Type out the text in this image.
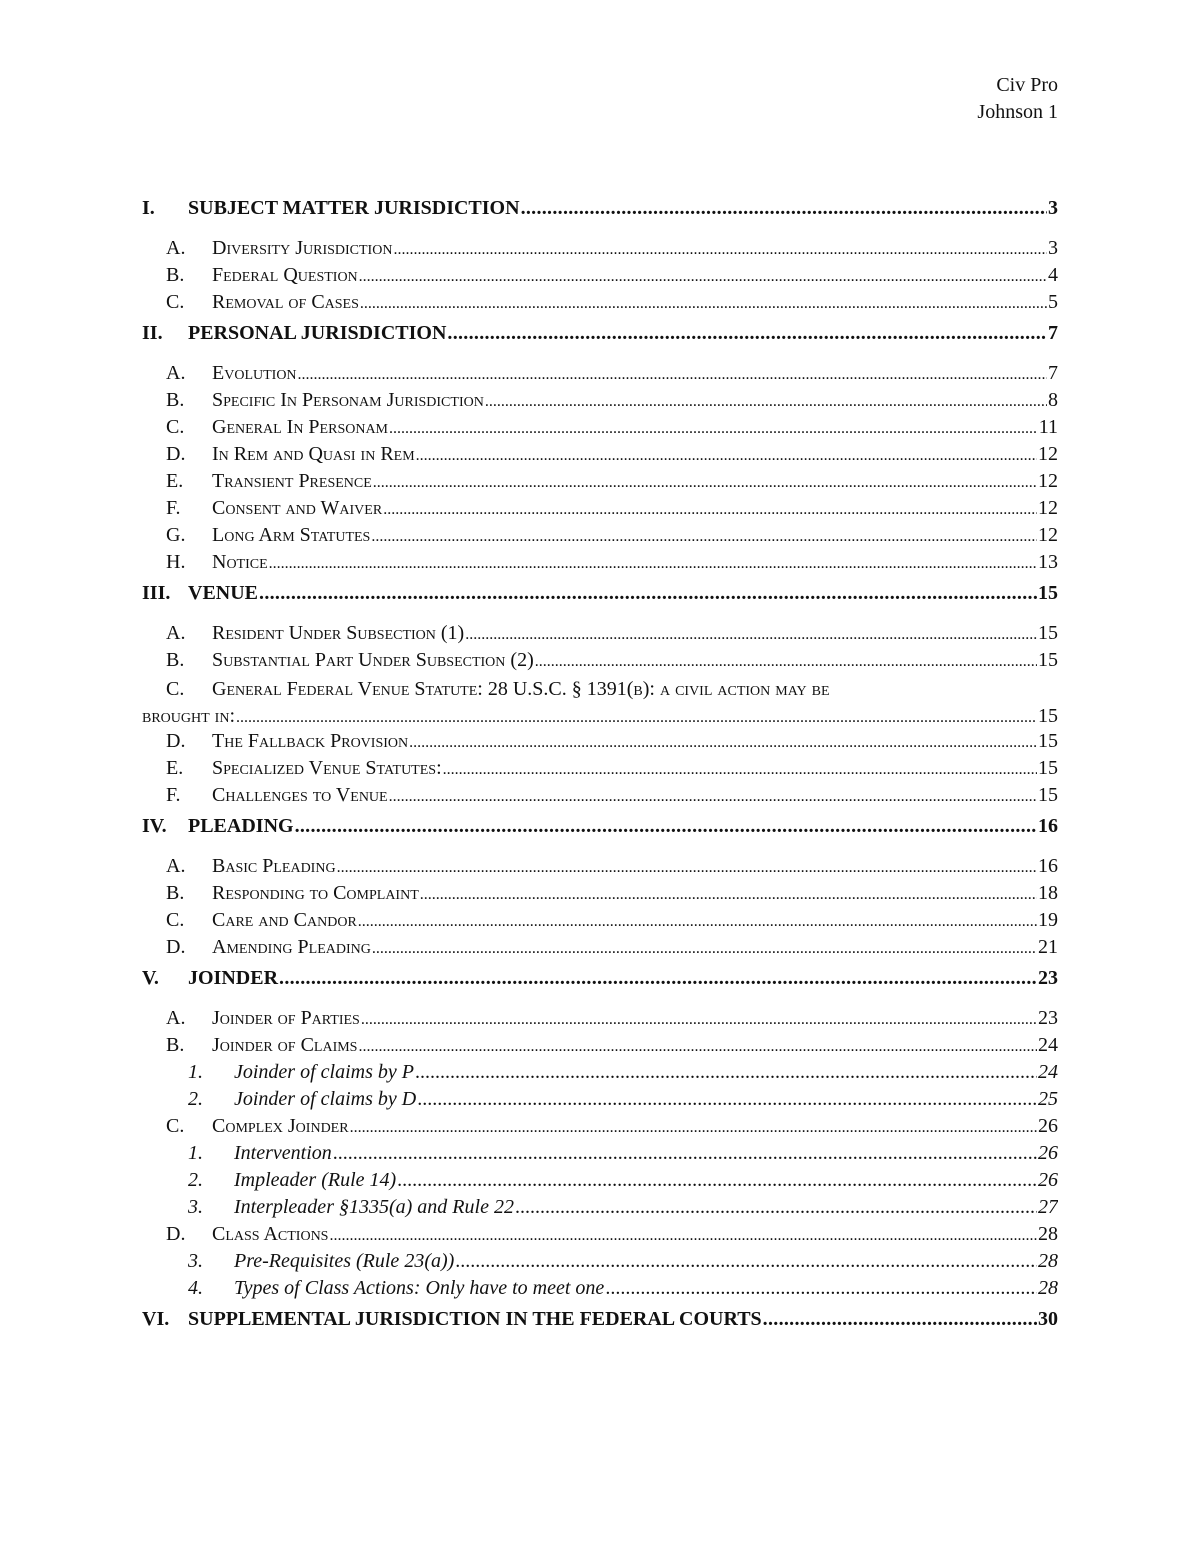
Civ Pro
Johnson 1
I.	SUBJECT MATTER JURISDICTION .....	3
A.	Diversity Jurisdiction .....	3
B.	Federal Question .....	4
C.	Removal of Cases .....	5
II.	PERSONAL JURISDICTION .....	7
A.	Evolution .....	7
B.	Specific In Personam Jurisdiction .....	8
C.	General In Personam .....	11
D.	In Rem and Quasi in Rem .....	12
E.	Transient Presence .....	12
F.	Consent and Waiver .....	12
G.	Long Arm Statutes .....	12
H.	Notice .....	13
III. VENUE .....	15
A.	Resident Under Subsection (1) .....	15
B.	Substantial Part Under Subsection (2) .....	15
C.	General Federal Venue Statute: 28 U.S.C. § 1391(b): a civil action may be
brought in: .....	15
D.	The Fallback Provision .....	15
E.	Specialized Venue Statutes: .....	15
F.	Challenges to Venue .....	15
IV.	PLEADING .....	16
A.	Basic Pleading .....	16
B.	Responding to Complaint .....	18
C.	Care and Candor .....	19
D.	Amending Pleading .....	21
V.	JOINDER .....	23
A.	Joinder of Parties .....	23
B.	Joinder of Claims .....	24
1.	Joinder of claims by P .....	24
2.	Joinder of claims by D .....	25
C.	Complex Joinder .....	26
1.	Intervention .....	26
2.	Impleader (Rule 14) .....	26
3.	Interpleader §1335(a) and Rule 22 .....	27
D.	Class Actions .....	28
3.	Pre-Requisites (Rule 23(a)) .....	28
4.	Types of Class Actions: Only have to meet one .....	28
VI. SUPPLEMENTAL JURISDICTION IN THE FEDERAL COURTS .....	30
